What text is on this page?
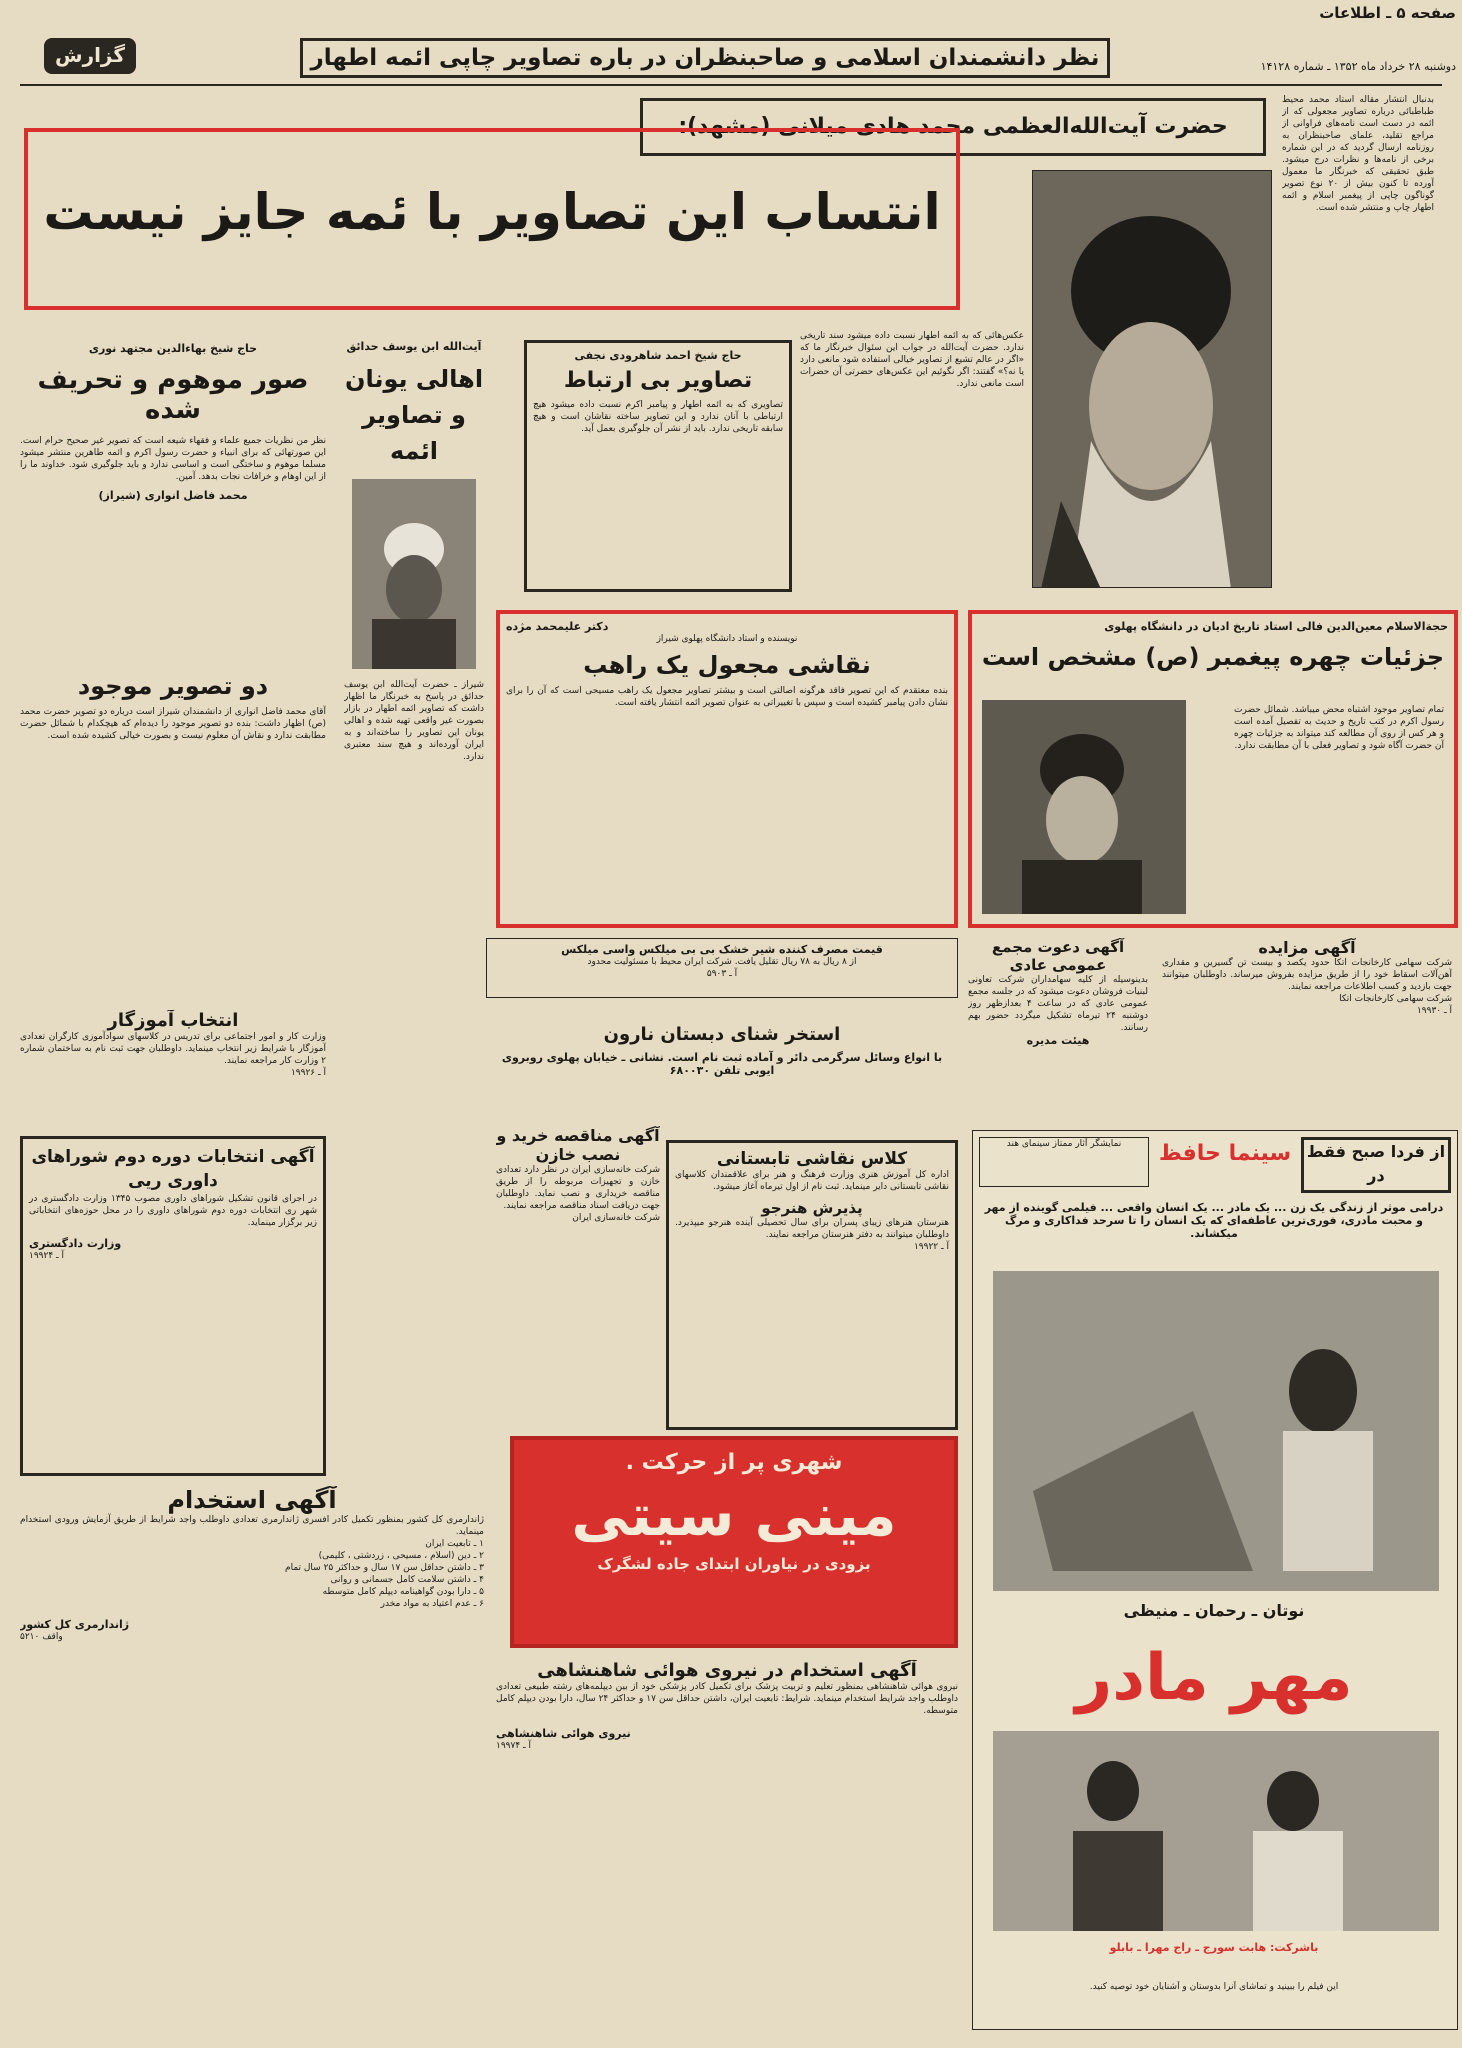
صفحه ۵ ـ اطلاعات
دوشنبه ۲۸ خرداد ماه ۱۳۵۲ ـ شماره ۱۴۱۲۸
نظر دانشمندان اسلامی و صاحبنظران در باره تصاویر چاپی ائمه اطهار
گزارش
بدنبال انتشار مقاله استاد محمد محیط طباطبائی درباره تصاویر مجعولی که از ائمه در دست است نامه‌های فراوانی از مراجع تقلید، علمای صاحبنظران به روزنامه ارسال گردید که در این شماره برخی از نامه‌ها و نظرات درج میشود. طبق تحقیقی که خبرنگار ما معمول آورده تا کنون بیش از ۲۰ نوع تصویر گوناگون چاپی از پیغمبر اسلام و ائمه اطهار چاپ و منتشر شده است.
حضرت آیت‌الله‌العظمی محمد هادی میلانی (مشهد):
انتساب این تصاویر با ئمه جایز نیست
عکس‌هائی که به ائمه اطهار نسبت داده میشود سند تاریخی ندارد. حضرت آیت‌الله در جواب این سئوال خبرنگار ما که «اگر در عالم تشیع از تصاویر خیالی استفاده شود مانعی دارد یا نه؟» گفتند: اگر نگوئیم این عکس‌های حضرتی آن حضرات است مانعی ندارد.
حاج شیخ احمد شاهرودی نجفی
تصاویر بی ارتباط
تصاویری که به ائمه اطهار و پیامبر اکرم نسبت داده میشود هیچ ارتباطی با آنان ندارد و این تصاویر ساخته نقاشان است و هیچ سابقه تاریخی ندارد. باید از نشر آن جلوگیری بعمل آید.
آیت‌الله ابن یوسف حدائق
اهالی یونان و تصاویر ائمه
شیراز ـ حضرت آیت‌الله ابن یوسف حدائق در پاسخ به خبرنگار ما اظهار داشت که تصاویر ائمه اطهار در بازار بصورت غیر واقعی تهیه شده و اهالی یونان این تصاویر را ساخته‌اند و به ایران آورده‌اند و هیچ سند معتبری ندارد.
حاج شیخ بهاءالدین مجتهد نوری
صور موهوم و تحریف شده
نظر من نظریات جمیع علماء و فقهاء شیعه است که تصویر غیر صحیح حرام است. این صورتهائی که برای انبیاء و حضرت رسول اکرم و ائمه طاهرین منتشر میشود مسلما موهوم و ساختگی است و اساسی ندارد و باید جلوگیری شود. خداوند ما را از این اوهام و خرافات نجات بدهد. آمین.
محمد فاضل انواری (شیراز)
دو تصویر موجود
آقای محمد فاضل انواری از دانشمندان شیراز است درباره دو تصویر حضرت محمد (ص) اظهار داشت: بنده دو تصویر موجود را دیده‌ام که هیچکدام با شمائل حضرت مطابقت ندارد و نقاش آن معلوم نیست و بصورت خیالی کشیده شده است.
دکتر علیمحمد مژده
نویسنده و استاد دانشگاه پهلوی شیراز
نقاشی مجعول یک راهب
بنده معتقدم که این تصویر فاقد هرگونه اصالتی است و بیشتر تصاویر مجعول یک راهب مسیحی است که آن را برای نشان دادن پیامبر کشیده است و سپس با تغییراتی به عنوان تصویر ائمه انتشار یافته است.
حجة‌الاسلام معین‌الدین فالی استاد تاریخ ادیان در دانشگاه پهلوی
جزئیات چهره پیغمبر (ص) مشخص است
تمام تصاویر موجود اشتباه محض میباشد. شمائل حضرت رسول اکرم در کتب تاریخ و حدیث به تفصیل آمده است و هر کس از روی آن مطالعه کند میتواند به جزئیات چهره آن حضرت آگاه شود و تصاویر فعلی با آن مطابقت ندارد.
قیمت مصرف کننده شیر خشک بی بی میلکس واسی میلکس
از ۸ ریال به ۷۸ ریال تقلیل یافت. شرکت ایران محیط با مسئولیت محدود
آ ـ ۵۹۰۳
استخر شنای دبستان نارون
با انواع وسائل سرگرمی دائر و آماده ثبت نام است. نشانی ـ خیابان پهلوی روبروی ایوبی تلفن ۶۸۰۰۳۰
آگهی دعوت مجمع عمومی عادی
بدینوسیله از کلیه سهامداران شرکت تعاونی لبنیات فروشان دعوت میشود که در جلسه مجمع عمومی عادی که در ساعت ۴ بعدازظهر روز دوشنبه ۲۴ تیرماه تشکیل میگردد حضور بهم رسانند.
هیئت مدیره
آگهی مزایده
شرکت سهامی کارخانجات اتکا حدود یکصد و بیست تن گسیرین و مقداری آهن‌آلات اسقاط خود را از طریق مزایده بفروش میرساند. داوطلبان میتوانند جهت بازدید و کسب اطلاعات مراجعه نمایند.
شرکت سهامی کارخانجات اتکا
آ ـ ۱۹۹۳۰
انتخاب آموزگار
وزارت کار و امور اجتماعی برای تدریس در کلاسهای سوادآموزی کارگران تعدادی آموزگار با شرایط زیر انتخاب مینماید. داوطلبان جهت ثبت نام به ساختمان شماره ۲ وزارت کار مراجعه نمایند.
آ ـ ۱۹۹۲۶
آگهی انتخابات دوره دوم شوراهای داوری ریی
در اجرای قانون تشکیل شوراهای داوری مصوب ۱۳۴۵ وزارت دادگستری در شهر ری انتخابات دوره دوم شوراهای داوری را در محل حوزه‌های انتخاباتی زیر برگزار مینماید.
وزارت دادگستری
آ ـ ۱۹۹۲۴
آگهی مناقصه خرید و نصب خازن
شرکت خانه‌سازی ایران در نظر دارد تعدادی خازن و تجهیزات مربوطه را از طریق مناقصه خریداری و نصب نماید. داوطلبان جهت دریافت اسناد مناقصه مراجعه نمایند.
شرکت خانه‌سازی ایران
کلاس نقاشی تابستانی
اداره کل آموزش هنری وزارت فرهنگ و هنر برای علاقمندان کلاسهای نقاشی تابستانی دایر مینماید. ثبت نام از اول تیرماه آغاز میشود.
پذیرش هنرجو
هنرستان هنرهای زیبای پسران برای سال تحصیلی آینده هنرجو میپذیرد. داوطلبان میتوانند به دفتر هنرستان مراجعه نمایند.
آ ـ ۱۹۹۲۲
شهری پر از حرکت .
مینی سیتی
بزودی در نیاوران ابتدای جاده لشگرک
آگهی استخدام
ژاندارمری کل کشور بمنظور تکمیل کادر افسری ژاندارمری تعدادی داوطلب واجد شرایط از طریق آزمایش ورودی استخدام مینماید.
۱ ـ تابعیت ایران
۲ ـ دین (اسلام ، مسیحی ، زردشتی ، کلیمی)
۳ ـ داشتن حداقل سن ۱۷ سال و حداکثر ۲۵ سال تمام
۴ ـ داشتن سلامت کامل جسمانی و روانی
۵ ـ دارا بودن گواهینامه دیپلم کامل متوسطه
۶ ـ عدم اعتیاد به مواد مخدر
ژاندارمری کل کشور
واقف ۵۲۱۰
آگهی استخدام در نیروی هوائی شاهنشاهی
نیروی هوائی شاهنشاهی بمنظور تعلیم و تربیت پزشک برای تکمیل کادر پزشکی خود از بین دیپلمه‌های رشته طبیعی تعدادی داوطلب واجد شرایط استخدام مینماید. شرایط: تابعیت ایران، داشتن حداقل سن ۱۷ و حداکثر ۲۴ سال، دارا بودن دیپلم کامل متوسطه.
نیروی هوائی شاهنشاهی
آ ـ ۱۹۹۷۴
از فردا صبح فقط در
سینما حافظ
نمایشگر آثار ممتاز سینمای هند
درامی موثر از زندگی یک زن ... یک مادر ... یک انسان واقعی ... فیلمی گوینده از مهر و محبت مادری، فوری‌ترین عاطفه‌ای که یک انسان را تا سرحد فداکاری و مرگ میکشاند.
نوتان ـ رحمان ـ منیظی
مهر مادر
باشرکت: هابت سورج ـ راج مهرا ـ بابلو
این فیلم را ببینید و تماشای آنرا بدوستان و آشنایان خود توصیه کنید.
